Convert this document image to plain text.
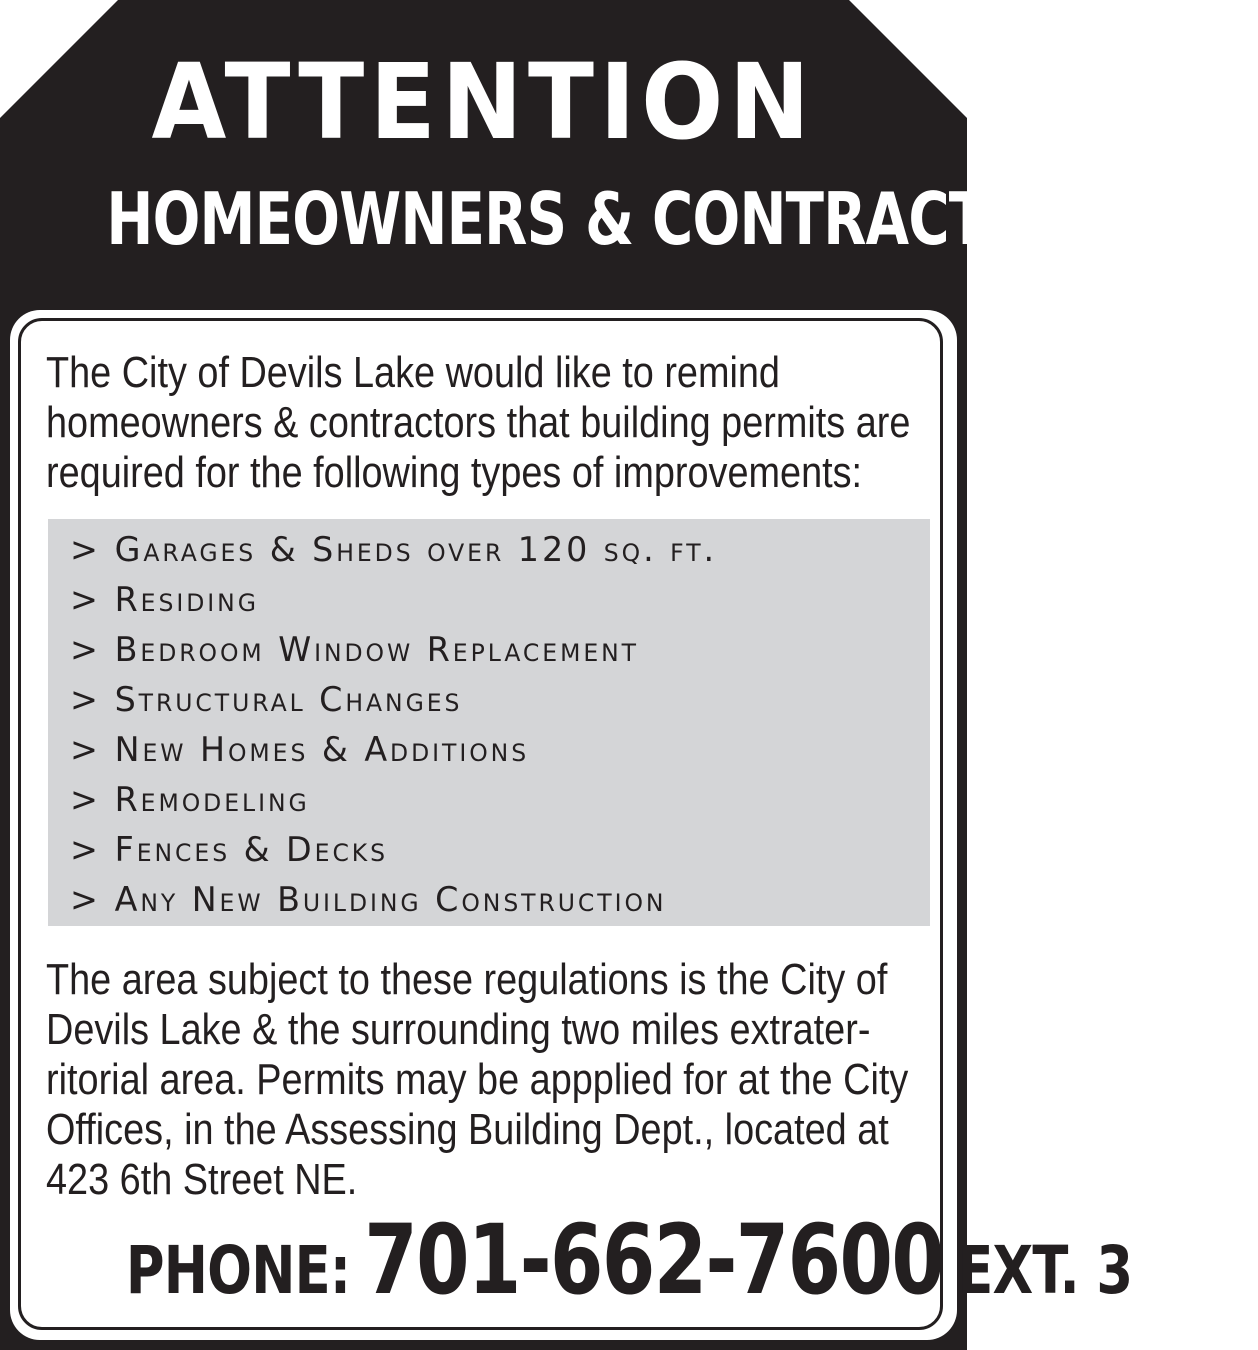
ATTENTION
HOMEOWNERS & CONTRACTORS:
The City of Devils Lake would like to remind
homeowners & contractors that building permits are
required for the following types of improvements:
> Garages & Sheds over 120 sq. ft.
> Residing
> Bedroom Window Replacement
> Structural Changes
> New Homes & Additions
> Remodeling
> Fences & Decks
> Any New Building Construction
The area subject to these regulations is the City of
Devils Lake & the surrounding two miles extrater-
ritorial area. Permits may be appplied for at the City
Offices, in the Assessing Building Dept., located at
423 6th Street NE.
PHONE: 701-662-7600 EXT. 3
